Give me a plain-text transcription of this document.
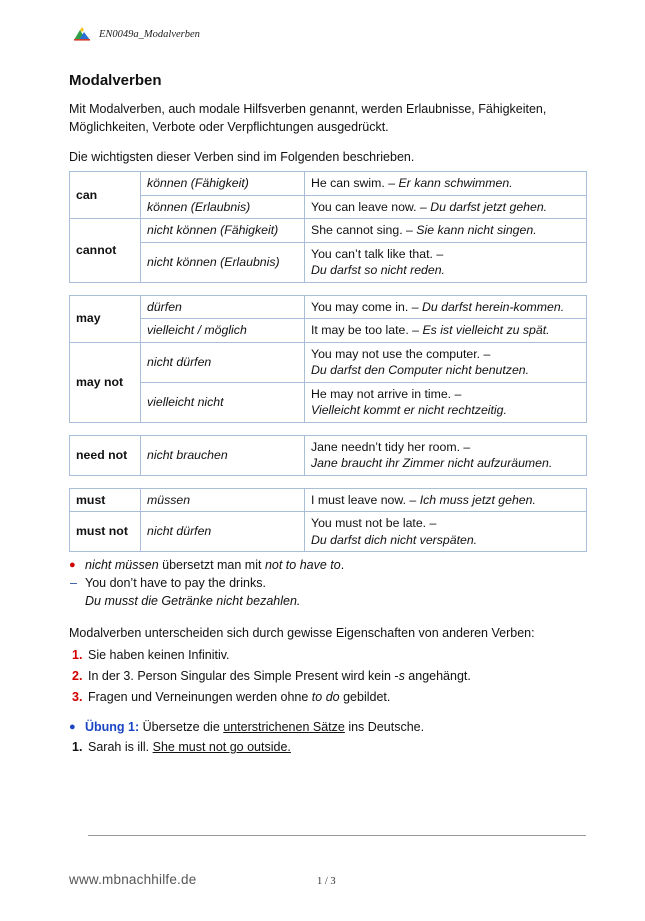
EN0049a_Modalverben
Modalverben
Mit Modalverben, auch modale Hilfsverben genannt, werden Erlaubnisse, Fähigkeiten, Möglichkeiten, Verbote oder Verpflichtungen ausgedrückt.
Die wichtigsten dieser Verben sind im Folgenden beschrieben.
can	können (Fähigkeit)	He can swim. – Er kann schwimmen.
	können (Erlaubnis)	You can leave now. – Du darfst jetzt gehen.
cannot	nicht können (Fähigkeit)	She cannot sing. – Sie kann nicht singen.
	nicht können (Erlaubnis)	You can’t talk like that. –
Du darfst so nicht reden.
may	dürfen	You may come in. – Du darfst herein-kommen.
	vielleicht / möglich	It may be too late. – Es ist vielleicht zu spät.
may not	nicht dürfen	You may not use the computer. –
Du darfst den Computer nicht benutzen.
	vielleicht nicht	He may not arrive in time. –
Vielleicht kommt er nicht rechtzeitig.
need not	nicht brauchen	Jane needn’t tidy her room. –
Jane braucht ihr Zimmer nicht aufzuräumen.
must	müssen	I must leave now. – Ich muss jetzt gehen.
must not	nicht dürfen	You must not be late. –
Du darfst dich nicht verspäten.
● nicht müssen übersetzt man mit not to have to.
– You don’t have to pay the drinks.
Du musst die Getränke nicht bezahlen.
Modalverben unterscheiden sich durch gewisse Eigenschaften von anderen Verben:
1. Sie haben keinen Infinitiv.
2. In der 3. Person Singular des Simple Present wird kein -s angehängt.
3. Fragen und Verneinungen werden ohne to do gebildet.
● Übung 1: Übersetze die unterstrichenen Sätze ins Deutsche.
1. Sarah is ill. She must not go outside.
www.mbnachhilfe.de	1 / 3
